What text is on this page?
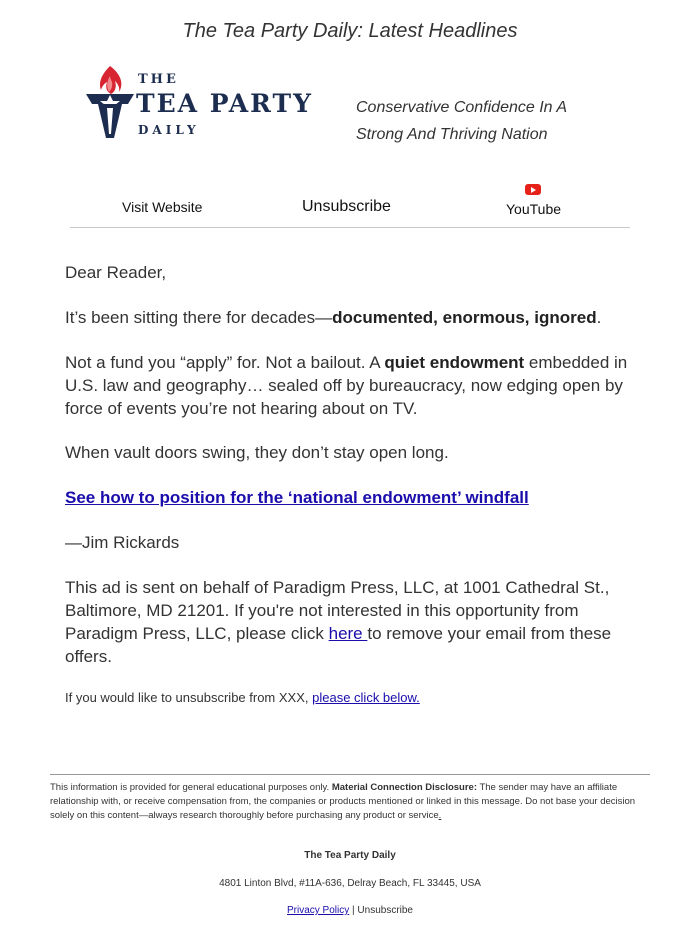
The Tea Party Daily: Latest Headlines
THE
TEA PARTY
DAILY
Conservative Confidence In A
Strong And Thriving Nation
Visit Website	Unsubscribe	YouTube
Dear Reader,
It’s been sitting there for decades—documented, enormous, ignored.
Not a fund you “apply” for. Not a bailout. A quiet endowment embedded in U.S. law and geography… sealed off by bureaucracy, now edging open by force of events you’re not hearing about on TV.
When vault doors swing, they don’t stay open long.
See how to position for the ‘national endowment’ windfall
—Jim Rickards
This ad is sent on behalf of Paradigm Press, LLC, at 1001 Cathedral St., Baltimore, MD 21201. If you're not interested in this opportunity from Paradigm Press, LLC, please click here to remove your email from these offers.
If you would like to unsubscribe from XXX, please click below.
This information is provided for general educational purposes only. Material Connection Disclosure: The sender may have an affiliate relationship with, or receive compensation from, the companies or products mentioned or linked in this message. Do not base your decision solely on this content—always research thoroughly before purchasing any product or service.
The Tea Party Daily
4801 Linton Blvd, #11A-636, Delray Beach, FL 33445, USA
Privacy Policy | Unsubscribe
